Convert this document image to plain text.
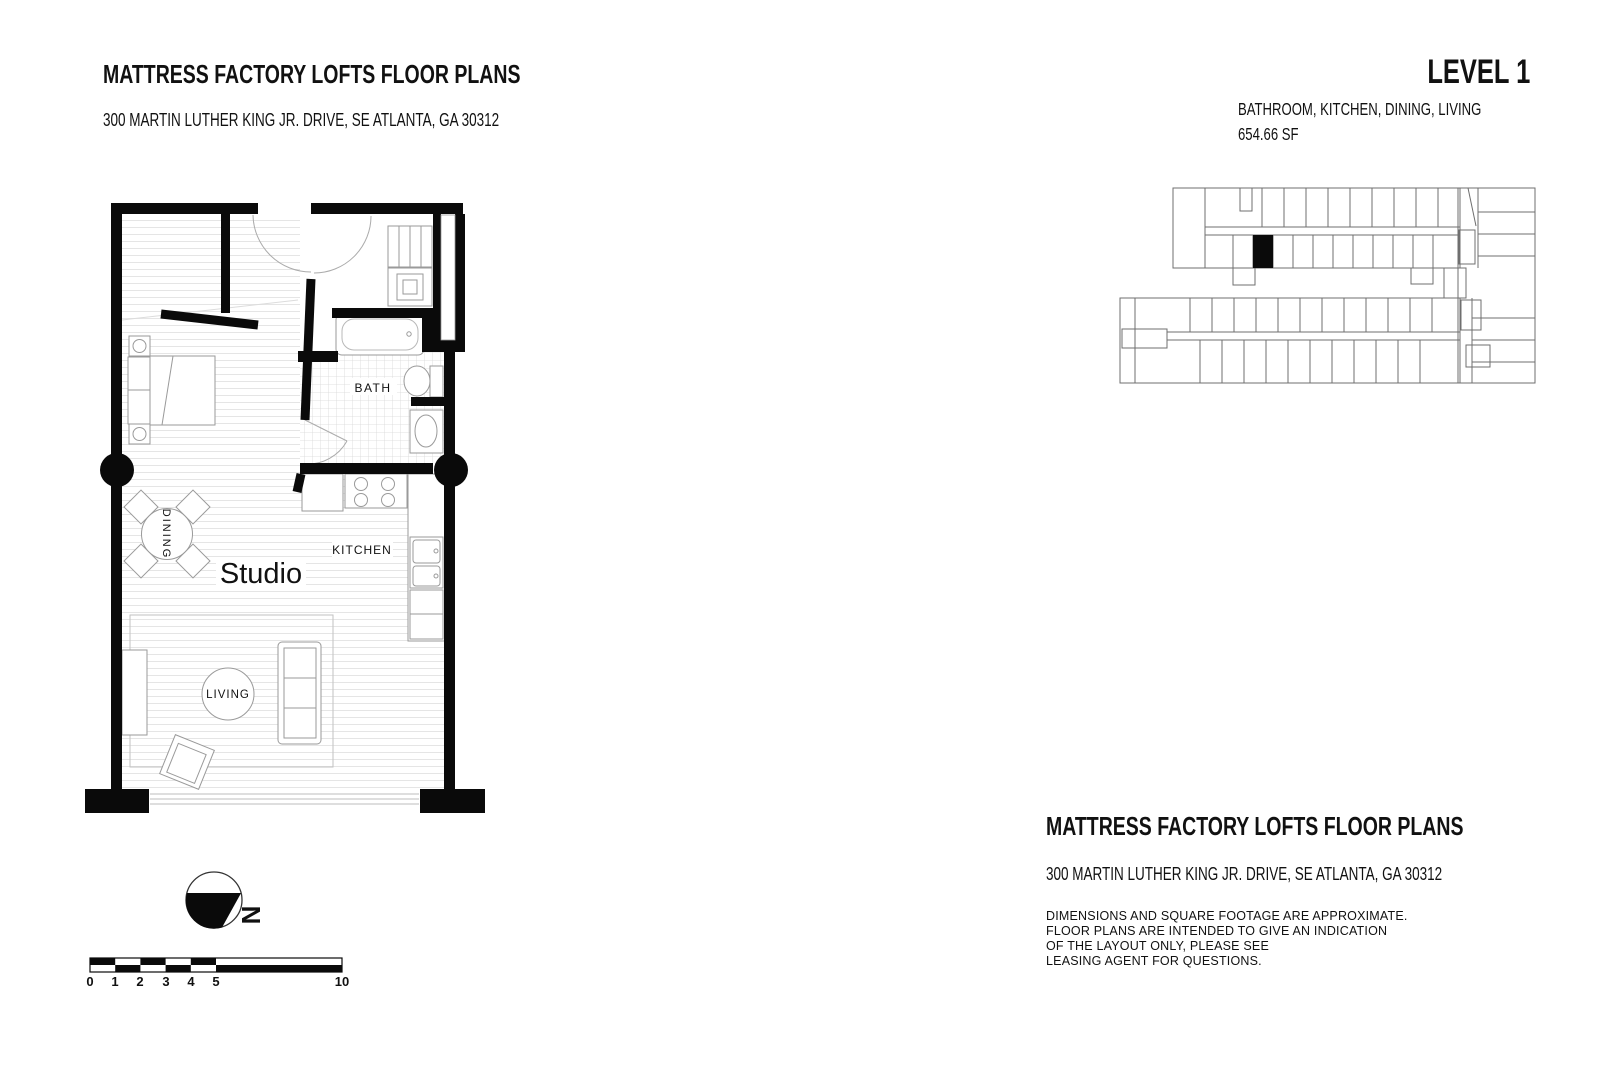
MATTRESS FACTORY LOFTS FLOOR PLANS
300 MARTIN LUTHER KING JR. DRIVE, SE ATLANTA, GA 30312
LEVEL 1
BATHROOM, KITCHEN, DINING, LIVING
654.66 SF
BATH
KITCHEN
Studio
DINING
LIVING
N
0 1 2 3 4 5	10
MATTRESS FACTORY LOFTS FLOOR PLANS
300 MARTIN LUTHER KING JR. DRIVE, SE ATLANTA, GA 30312
DIMENSIONS AND SQUARE FOOTAGE ARE APPROXIMATE.
FLOOR PLANS ARE INTENDED TO GIVE AN INDICATION
OF THE LAYOUT ONLY, PLEASE SEE
LEASING AGENT FOR QUESTIONS.
